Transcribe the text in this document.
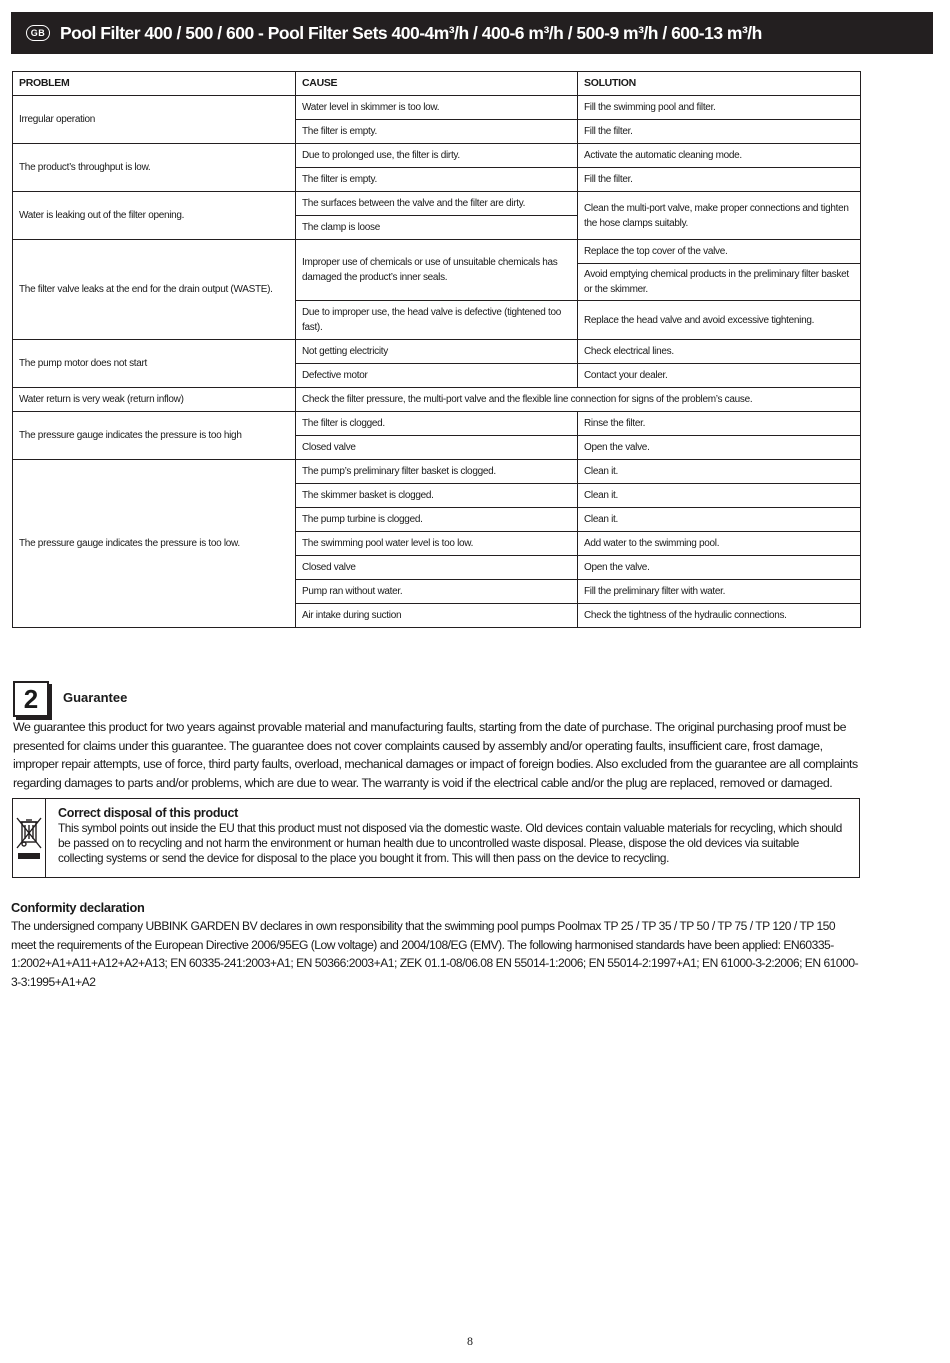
GB Pool Filter 400 / 500 / 600 - Pool Filter Sets 400-4m³/h / 400-6 m³/h / 500-9 m³/h / 600-13 m³/h
PROBLEM	CAUSE	SOLUTION
Irregular operation	Water level in skimmer is too low.	Fill the swimming pool and filter.
	The filter is empty.	Fill the filter.
The product’s throughput is low.	Due to prolonged use, the filter is dirty.	Activate the automatic cleaning mode.
	The filter is empty.	Fill the filter.
Water is leaking out of the filter opening.	The surfaces between the valve and the filter are dirty.	Clean the multi-port valve, make proper connections and tighten the hose clamps suitably.
	The clamp is loose	
The filter valve leaks at the end for the drain output (WASTE).	Improper use of chemicals or use of unsuitable chemicals has damaged the product’s inner seals.	Replace the top cover of the valve.
		Avoid emptying chemical products in the preliminary filter basket or the skimmer.
	Due to improper use, the head valve is defective (tightened too fast).	Replace the head valve and avoid excessive tightening.
The pump motor does not start	Not getting electricity	Check electrical lines.
	Defective motor	Contact your dealer.
Water return is very weak (return inflow)	Check the filter pressure, the multi-port valve and the flexible line connection for signs of the problem’s cause.	
The pressure gauge indicates the pressure is too high	The filter is clogged.	Rinse the filter.
	Closed valve	Open the valve.
The pressure gauge indicates the pressure is too low.	The pump’s preliminary filter basket is clogged.	Clean it.
	The skimmer basket is clogged.	Clean it.
	The pump turbine is clogged.	Clean it.
	The swimming pool water level is too low.	Add water to the swimming pool.
	Closed valve	Open the valve.
	Pump ran without water.	Fill the preliminary filter with water.
	Air intake during suction	Check the tightness of the hydraulic connections.
2	Guarantee
We guarantee this product for two years against provable material and manufacturing faults, starting from the date of purchase. The original purchasing proof must be presented for claims under this guarantee. The guarantee does not cover complaints caused by assembly and/or operating faults, insufficient care, frost damage, improper repair attempts, use of force, third party faults, overload, mechanical damages or impact of foreign bodies. Also excluded from the guarantee are all complaints regarding damages to parts and/or problems, which are due to wear. The warranty is void if the electrical cable and/or the plug are replaced, removed or damaged.
Correct disposal of this product
This symbol points out inside the EU that this product must not disposed via the domestic waste. Old devices contain valuable materials for recycling, which should be passed on to recycling and not harm the environment or human health due to uncontrolled waste disposal. Please, dispose the old devices via suitable collecting systems or send the device for disposal to the place you bought it from. This will then pass on the device to recycling.
Conformity declaration
The undersigned company UBBINK GARDEN BV declares in own responsibility that the swimming pool pumps Poolmax TP 25 / TP 35 / TP 50 / TP 75 / TP 120 / TP 150 meet the requirements of the European Directive 2006/95EG (Low voltage) and 2004/108/EG (EMV). The following harmonised standards have been applied: EN60335-1:2002+A1+A11+A12+A2+A13; EN 60335-241:2003+A1; EN 50366:2003+A1; ZEK 01.1-08/06.08 EN 55014-1:2006; EN 55014-2:1997+A1; EN 61000-3-2:2006; EN 61000-3-3:1995+A1+A2
8
